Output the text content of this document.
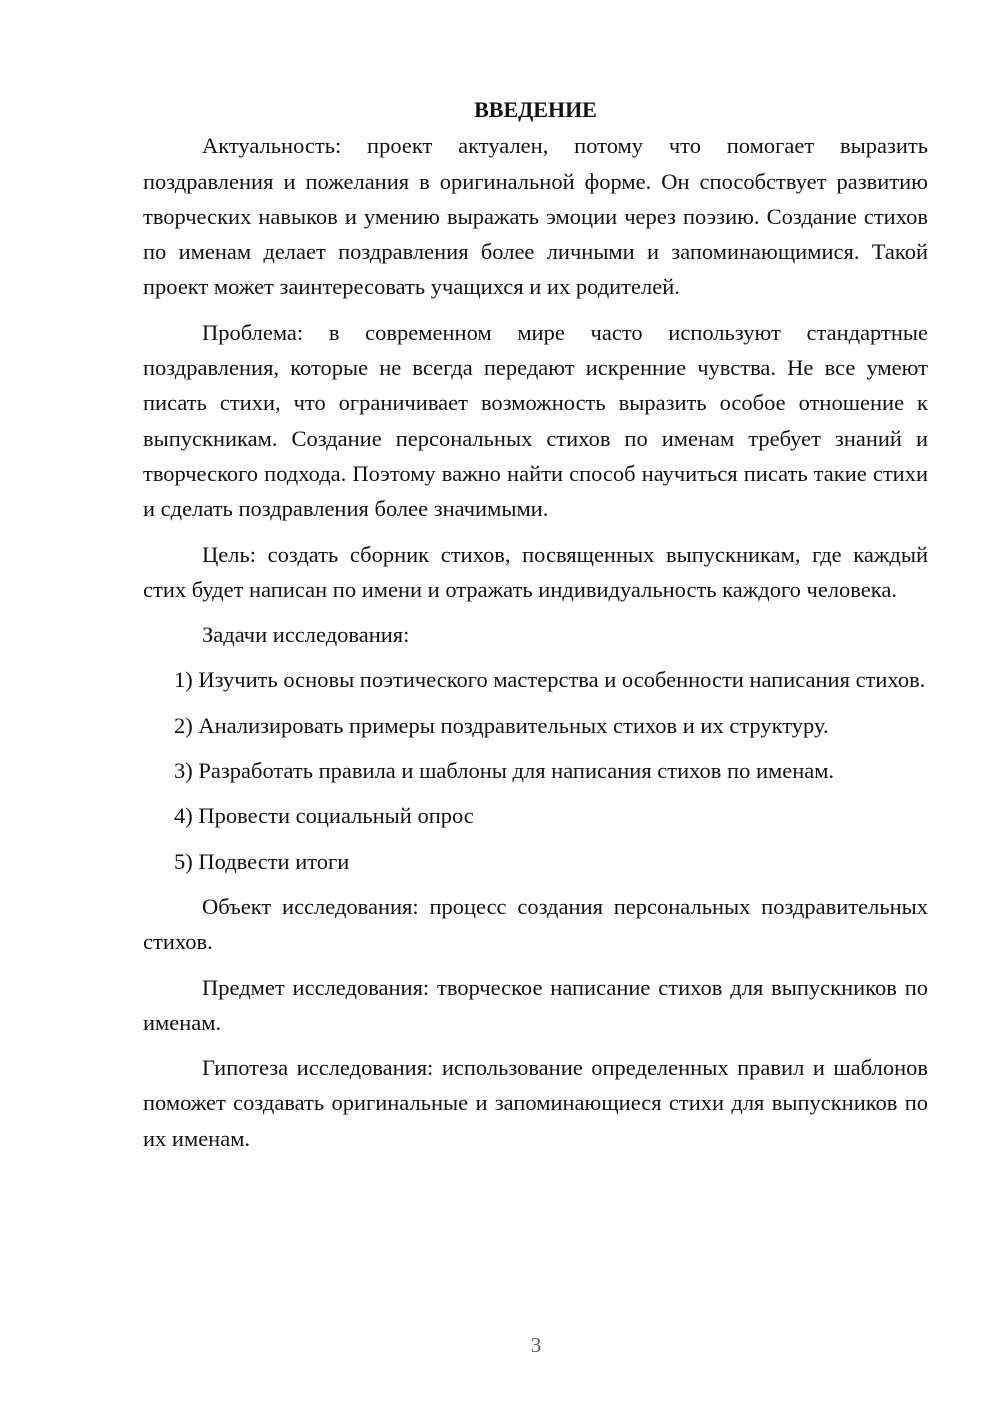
ВВЕДЕНИЕ

Актуальность: проект актуален, потому что помогает выразить поздравления и пожелания в оригинальной форме. Он способствует развитию творческих навыков и умению выражать эмоции через поэзию. Создание стихов по именам делает поздравления более личными и запоминающимися. Такой проект может заинтересовать учащихся и их родителей.

Проблема: в современном мире часто используют стандартные поздравления, которые не всегда передают искренние чувства. Не все умеют писать стихи, что ограничивает возможность выразить особое отношение к выпускникам. Создание персональных стихов по именам требует знаний и творческого подхода. Поэтому важно найти способ научиться писать такие стихи и сделать поздравления более значимыми.

Цель: создать сборник стихов, посвященных выпускникам, где каждый стих будет написан по имени и отражать индивидуальность каждого человека.

Задачи исследования:

1) Изучить основы поэтического мастерства и особенности написания стихов.

2) Анализировать примеры поздравительных стихов и их структуру.

3) Разработать правила и шаблоны для написания стихов по именам.

4) Провести социальный опрос

5) Подвести итоги

Объект исследования: процесс создания персональных поздравительных стихов.

Предмет исследования: творческое написание стихов для выпускников по именам.

Гипотеза исследования: использование определенных правил и шаблонов поможет создавать оригинальные и запоминающиеся стихи для выпускников по их именам.

3
